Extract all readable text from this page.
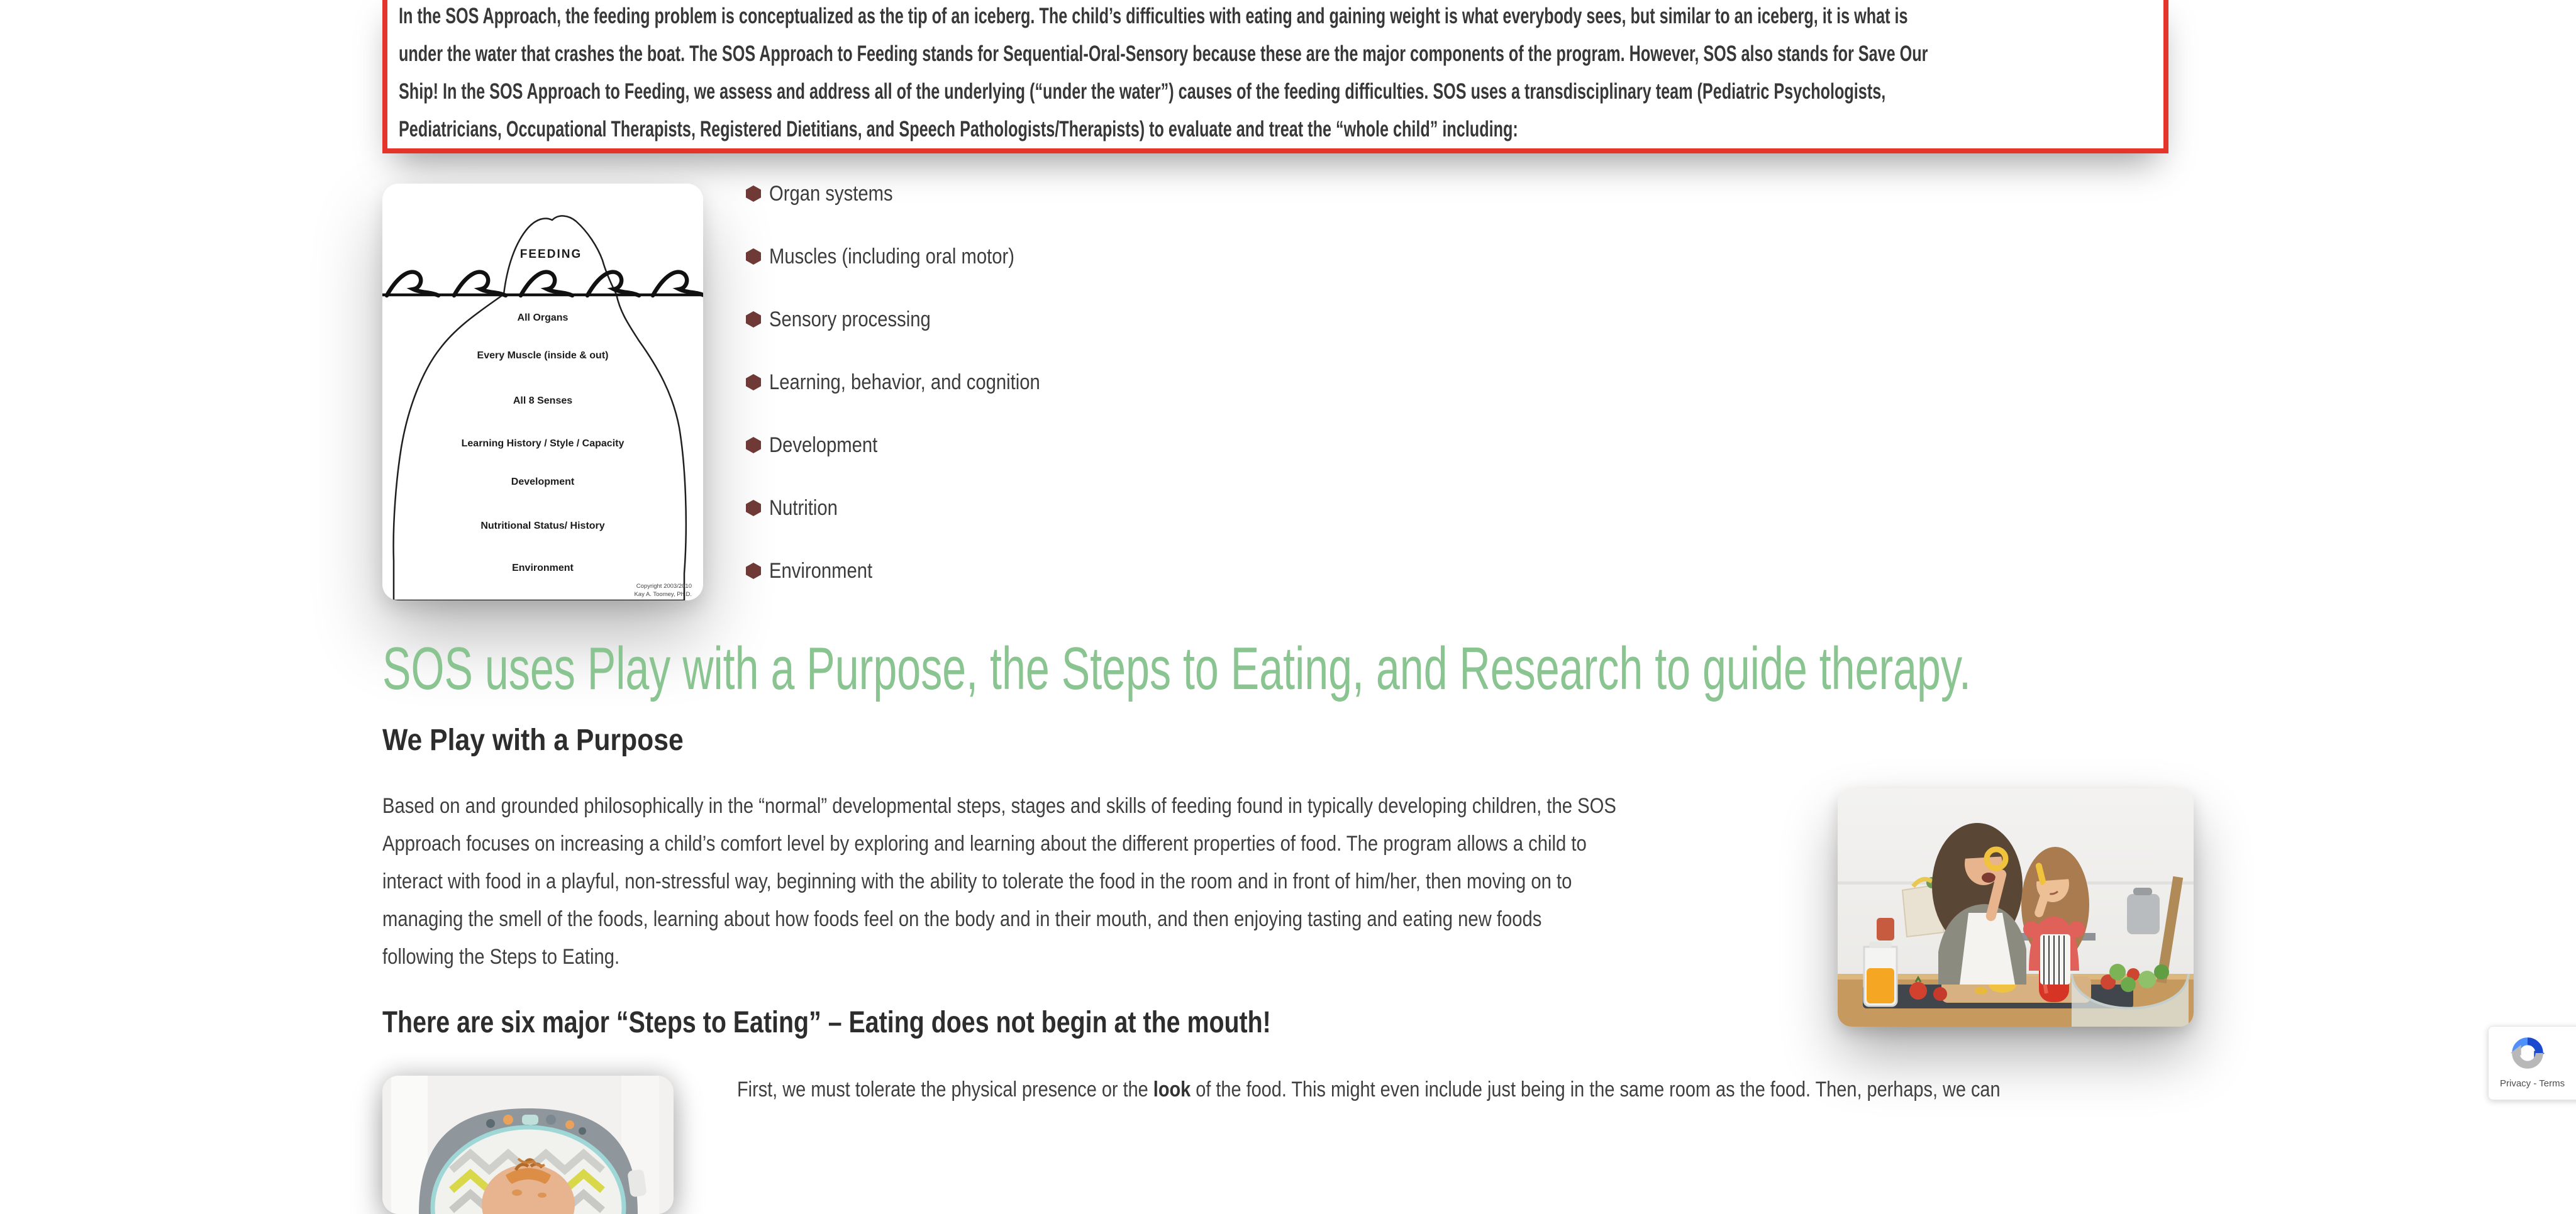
In the SOS Approach, the feeding problem is conceptualized as the tip of an iceberg. The child’s difficulties with eating and gaining weight is what everybody sees, but similar to an iceberg, it is what is
under the water that crashes the boat. The SOS Approach to Feeding stands for Sequential-Oral-Sensory because these are the major components of the program. However, SOS also stands for Save Our
Ship! In the SOS Approach to Feeding, we assess and address all of the underlying (“under the water”) causes of the feeding difficulties. SOS uses a transdisciplinary team (Pediatric Psychologists,
Pediatricians, Occupational Therapists, Registered Dietitians, and Speech Pathologists/Therapists) to evaluate and treat the “whole child” including:
FEEDING
All Organs
Every Muscle (inside & out)
All 8 Senses
Learning History / Style / Capacity
Development
Nutritional Status/ History
Environment
Copyright 2003/2010
Kay A. Toomey, Ph.D.
Organ systems
Muscles (including oral motor)
Sensory processing
Learning, behavior, and cognition
Development
Nutrition
Environment
SOS uses Play with a Purpose, the Steps to Eating, and Research to guide therapy.
We Play with a Purpose
Based on and grounded philosophically in the “normal” developmental steps, stages and skills of feeding found in typically developing children, the SOS
Approach focuses on increasing a child’s comfort level by exploring and learning about the different properties of food. The program allows a child to
interact with food in a playful, non-stressful way, beginning with the ability to tolerate the food in the room and in front of him/her, then moving on to
managing the smell of the foods, learning about how foods feel on the body and in their mouth, and then enjoying tasting and eating new foods
following the Steps to Eating.
There are six major “Steps to Eating” – Eating does not begin at the mouth!
First, we must tolerate the physical presence or the look of the food. This might even include just being in the same room as the food. Then, perhaps, we can	Privacy - Terms
